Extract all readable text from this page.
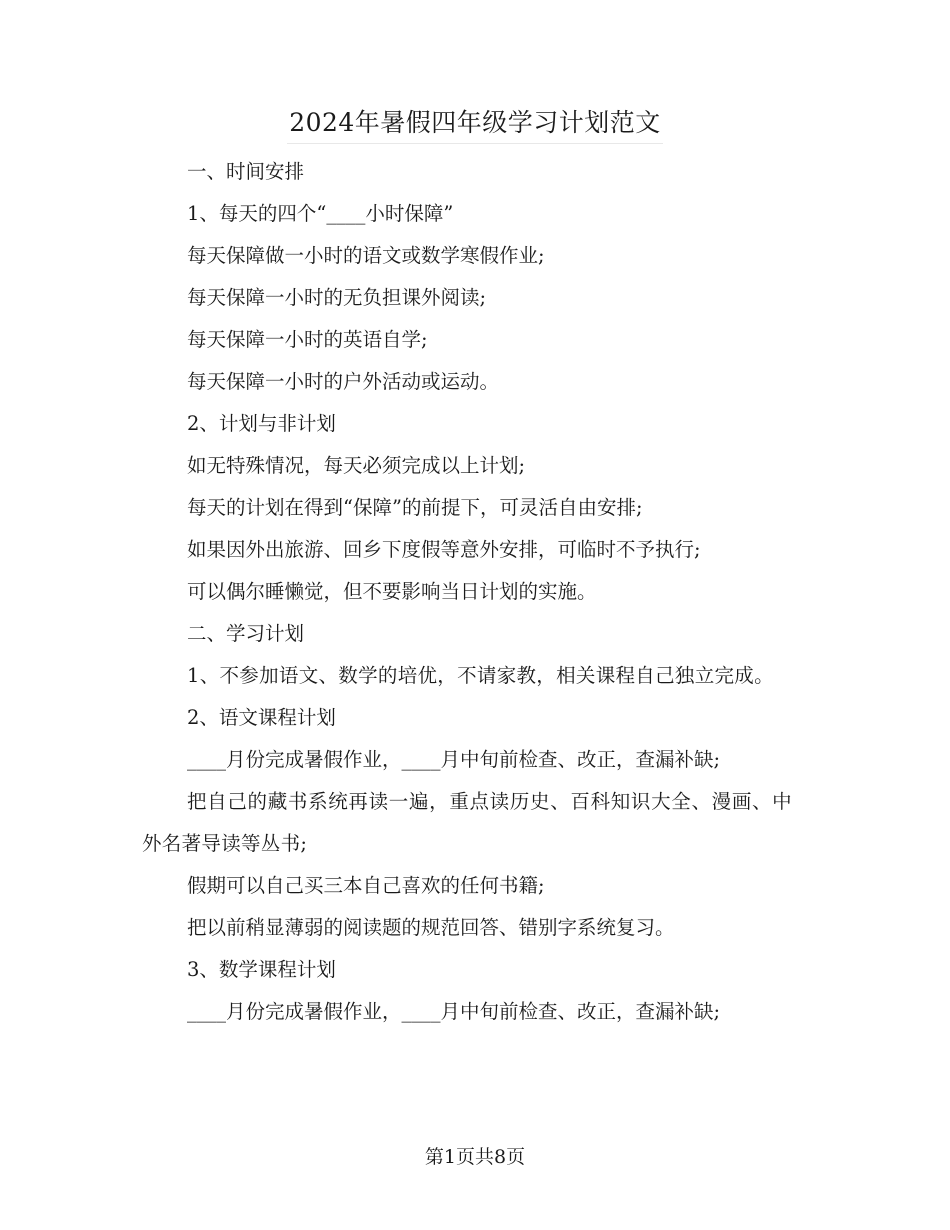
2024年暑假四年级学习计划范文

一、时间安排

1、每天的四个“____小时保障”

每天保障做一小时的语文或数学寒假作业;

每天保障一小时的无负担课外阅读;

每天保障一小时的英语自学;

每天保障一小时的户外活动或运动。

2、计划与非计划

如无特殊情况，每天必须完成以上计划;

每天的计划在得到“保障”的前提下，可灵活自由安排;

如果因外出旅游、回乡下度假等意外安排，可临时不予执行;

可以偶尔睡懒觉，但不要影响当日计划的实施。

二、学习计划

1、不参加语文、数学的培优，不请家教，相关课程自己独立完成。

2、语文课程计划

____月份完成暑假作业，____月中旬前检查、改正，查漏补缺;

把自己的藏书系统再读一遍，重点读历史、百科知识大全、漫画、中外名著导读等丛书;

假期可以自己买三本自己喜欢的任何书籍;

把以前稍显薄弱的阅读题的规范回答、错别字系统复习。

3、数学课程计划

____月份完成暑假作业，____月中旬前检查、改正，查漏补缺;

第1页共8页
